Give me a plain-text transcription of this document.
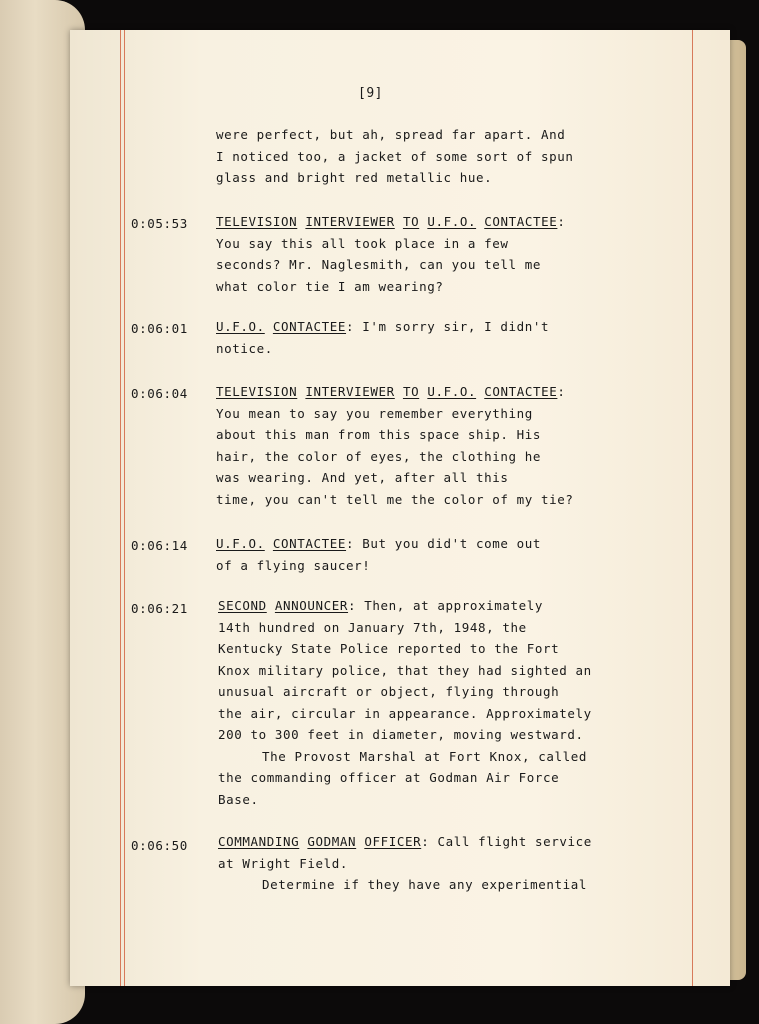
[9]
were perfect, but ah, spread far apart. And
I noticed too, a jacket of some sort of spun
glass and bright red metallic hue.
0:05:53 TELEVISION INTERVIEWER TO U.F.O. CONTACTEE:
You say this all took place in a few
seconds? Mr. Naglesmith, can you tell me
what color tie I am wearing?
0:06:01 U.F.O. CONTACTEE: I'm sorry sir, I didn't
notice.
0:06:04 TELEVISION INTERVIEWER TO U.F.O. CONTACTEE:
You mean to say you remember everything
about this man from this space ship. His
hair, the color of eyes, the clothing he
was wearing. And yet, after all this
time, you can't tell me the color of my tie?
0:06:14 U.F.O. CONTACTEE: But you did't come out
of a flying saucer!
0:06:21 SECOND ANNOUNCER: Then, at approximately
14th hundred on January 7th, 1948, the
Kentucky State Police reported to the Fort
Knox military police, that they had sighted an
unusual aircraft or object, flying through
the air, circular in appearance. Approximately
200 to 300 feet in diameter, moving westward.
The Provost Marshal at Fort Knox, called
the commanding officer at Godman Air Force
Base.
0:06:50 COMMANDING GODMAN OFFICER: Call flight service
at Wright Field.
Determine if they have any experimential
